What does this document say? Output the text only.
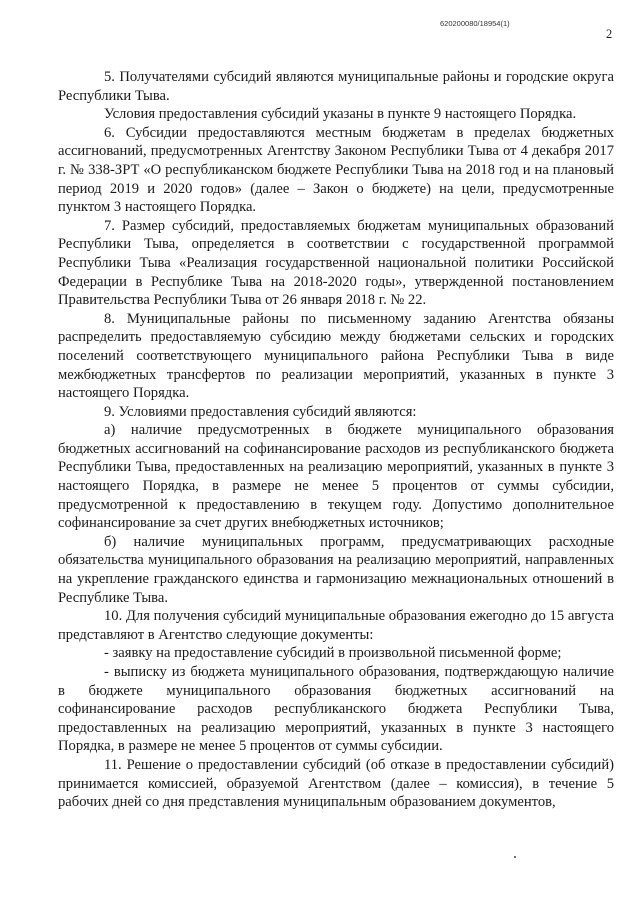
620200080/18954(1)
2

5. Получателями субсидий являются муниципальные районы и городские округа Республики Тыва.

Условия предоставления субсидий указаны в пункте 9 настоящего Порядка.

6. Субсидии предоставляются местным бюджетам в пределах бюджетных ассигнований, предусмотренных Агентству Законом Республики Тыва от 4 декабря 2017 г. № 338-ЗРТ «О республиканском бюджете Республики Тыва на 2018 год и на плановый период 2019 и 2020 годов» (далее – Закон о бюджете) на цели, предусмотренные пунктом 3 настоящего Порядка.

7. Размер субсидий, предоставляемых бюджетам муниципальных образований Республики Тыва, определяется в соответствии с государственной программой Республики Тыва «Реализация государственной национальной политики Российской Федерации в Республике Тыва на 2018-2020 годы», утвержденной постановлением Правительства Республики Тыва от 26 января 2018 г. № 22.

8. Муниципальные районы по письменному заданию Агентства обязаны распределить предоставляемую субсидию между бюджетами сельских и городских поселений соответствующего муниципального района Республики Тыва в виде межбюджетных трансфертов по реализации мероприятий, указанных в пункте 3 настоящего Порядка.

9. Условиями предоставления субсидий являются:

а) наличие предусмотренных в бюджете муниципального образования бюджетных ассигнований на софинансирование расходов из республиканского бюджета Республики Тыва, предоставленных на реализацию мероприятий, указанных в пункте 3 настоящего Порядка, в размере не менее 5 процентов от суммы субсидии, предусмотренной к предоставлению в текущем году. Допустимо дополнительное софинансирование за счет других внебюджетных источников;

б) наличие муниципальных программ, предусматривающих расходные обязательства муниципального образования на реализацию мероприятий, направленных на укрепление гражданского единства и гармонизацию межнациональных отношений в Республике Тыва.

10. Для получения субсидий муниципальные образования ежегодно до 15 августа представляют в Агентство следующие документы:

- заявку на предоставление субсидий в произвольной письменной форме;

- выписку из бюджета муниципального образования, подтверждающую наличие в бюджете муниципального образования бюджетных ассигнований на софинансирование расходов республиканского бюджета Республики Тыва, предоставленных на реализацию мероприятий, указанных в пункте 3 настоящего Порядка, в размере не менее 5 процентов от суммы субсидии.

11. Решение о предоставлении субсидий (об отказе в предоставлении субсидий) принимается комиссией, образуемой Агентством (далее – комиссия), в течение 5 рабочих дней со дня представления муниципальным образованием документов,
